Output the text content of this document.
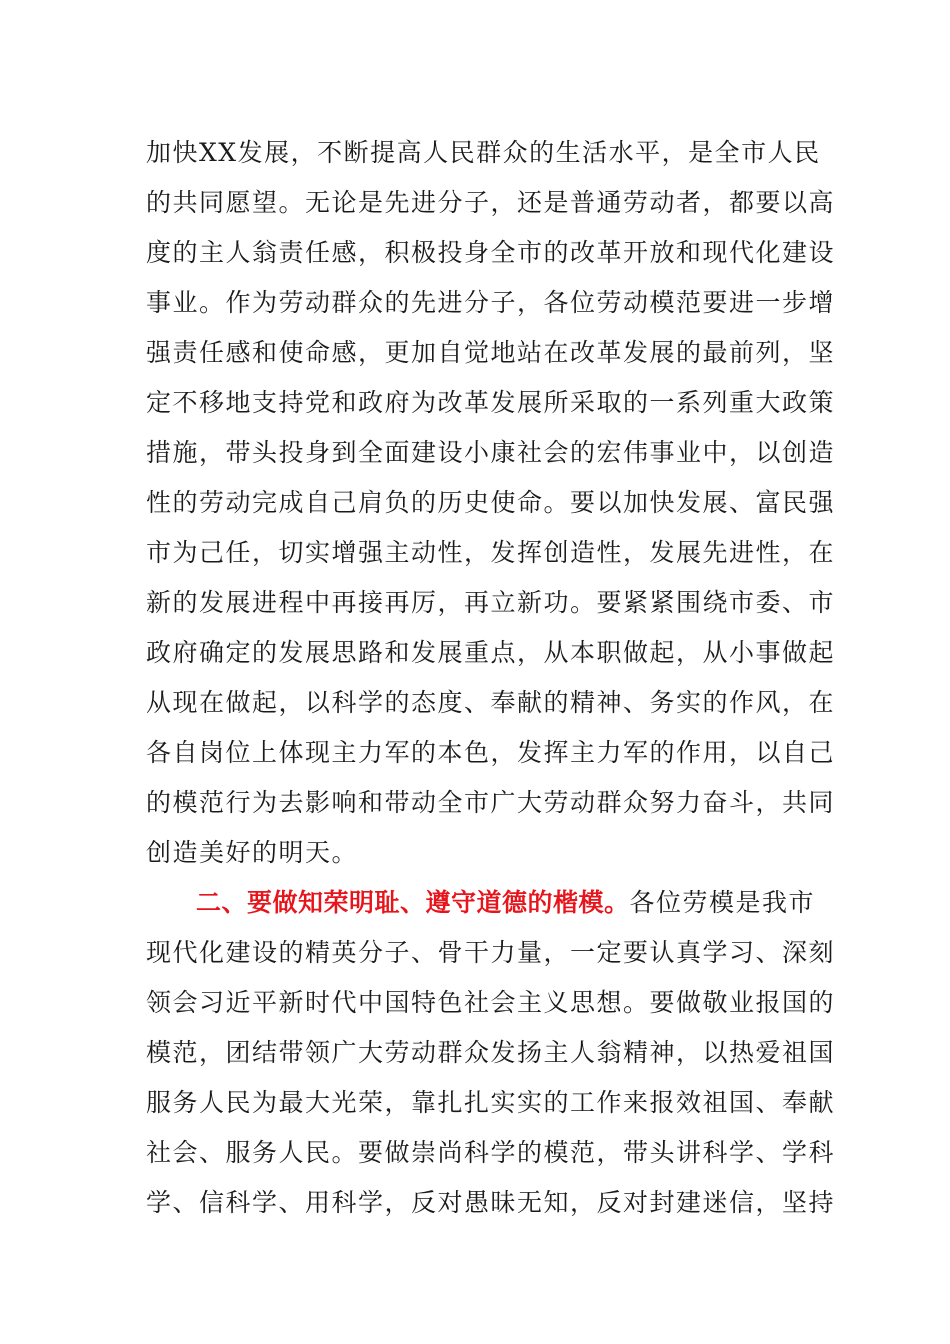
加快XX发展，不断提高人民群众的生活水平，是全市人民
的共同愿望。无论是先进分子，还是普通劳动者，都要以高
度的主人翁责任感，积极投身全市的改革开放和现代化建设
事业。作为劳动群众的先进分子，各位劳动模范要进一步增
强责任感和使命感，更加自觉地站在改革发展的最前列，坚
定不移地支持党和政府为改革发展所采取的一系列重大政策
措施，带头投身到全面建设小康社会的宏伟事业中，以创造
性的劳动完成自己肩负的历史使命。要以加快发展、富民强
市为己任，切实增强主动性，发挥创造性，发展先进性，在
新的发展进程中再接再厉，再立新功。要紧紧围绕市委、市
政府确定的发展思路和发展重点，从本职做起，从小事做起
从现在做起，以科学的态度、奉献的精神、务实的作风，在
各自岗位上体现主力军的本色，发挥主力军的作用，以自己
的模范行为去影响和带动全市广大劳动群众努力奋斗，共同
创造美好的明天。
二、要做知荣明耻、遵守道德的楷模。各位劳模是我市
现代化建设的精英分子、骨干力量，一定要认真学习、深刻
领会习近平新时代中国特色社会主义思想。要做敬业报国的
模范，团结带领广大劳动群众发扬主人翁精神，以热爱祖国
服务人民为最大光荣，靠扎扎实实的工作来报效祖国、奉献
社会、服务人民。要做崇尚科学的模范，带头讲科学、学科
学、信科学、用科学，反对愚昧无知，反对封建迷信，坚持
